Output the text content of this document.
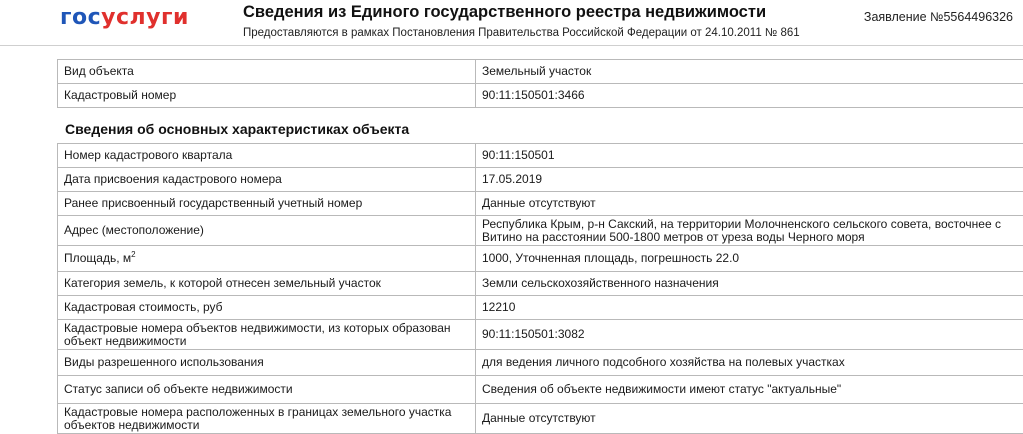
госуслуги	Сведения из Единого государственного реестра недвижимости
Предоставляются в рамках Постановления Правительства Российской Федерации от 24.10.2011 № 861
Заявление №5564496326
Вид объекта	Земельный участок
Кадастровый номер	90:11:150501:3466
Сведения об основных характеристиках объекта
Номер кадастрового квартала	90:11:150501
Дата присвоения кадастрового номера	17.05.2019
Ранее присвоенный государственный учетный номер	Данные отсутствуют
Адрес (местоположение)	Республика Крым, р-н Сакский, на территории Молочненского сельского совета, восточнее с Витино на расстоянии 500-1800 метров от уреза воды Черного моря
Площадь, $м^2$	1000, Уточненная площадь, погрешность 22.0
Категория земель, к которой отнесен земельный участок	Земли сельскохозяйственного назначения
Кадастровая стоимость, руб	12210
Кадастровые номера объектов недвижимости, из которых образован объект недвижимости	90:11:150501:3082
Виды разрешенного использования	для ведения личного подсобного хозяйства на полевых участках
Статус записи об объекте недвижимости	Сведения об объекте недвижимости имеют статус "актуальные"
Кадастровые номера расположенных в границах земельного участка объектов недвижимости	Данные отсутствуют
